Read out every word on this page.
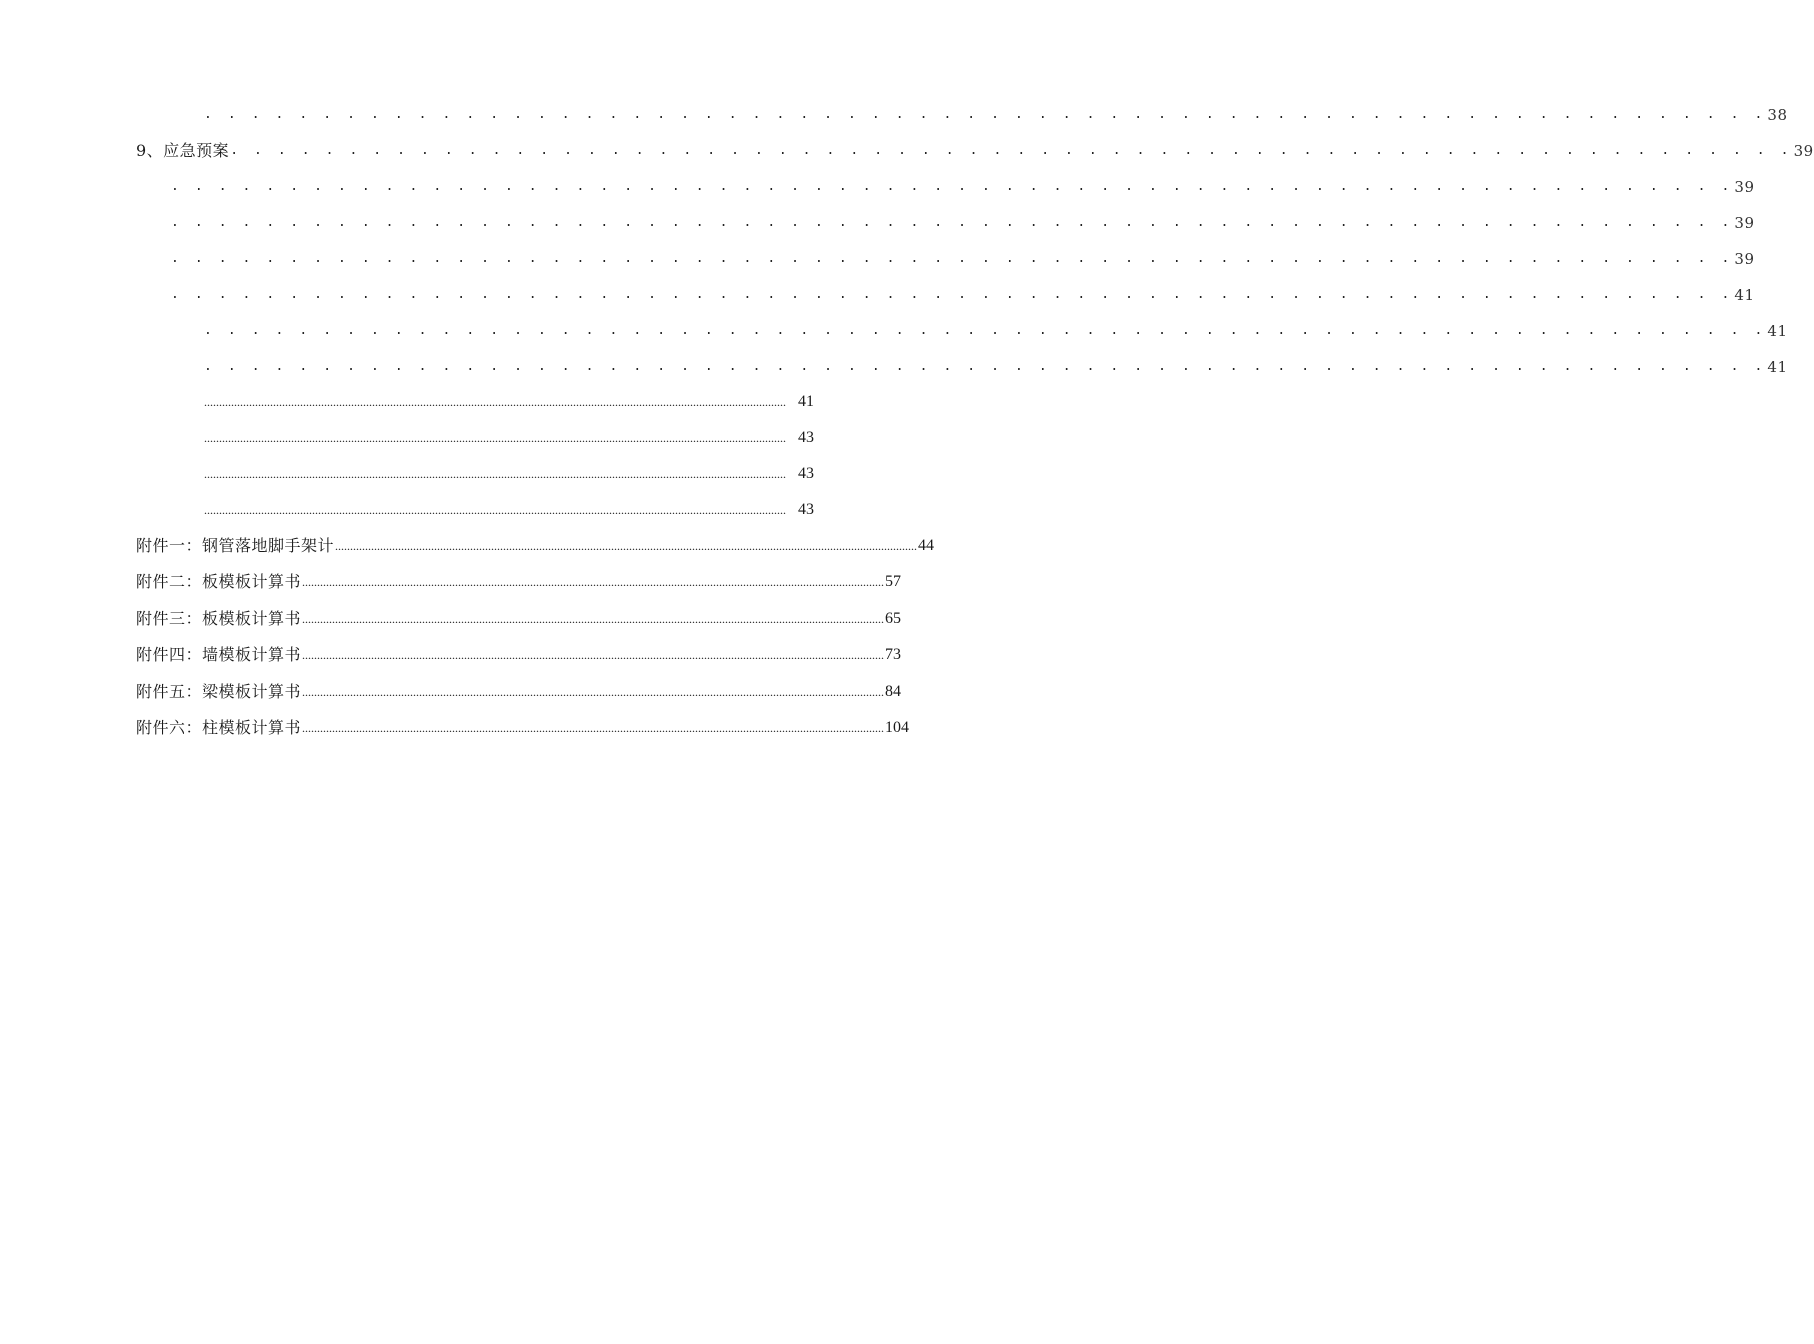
. . . . . . . . . . . . . . . . . . . . . . . . . . . . . . . . . . . . . . . . . . . . . . . . . . . . . . . . . . . . . . . . . . 38
9、应急预案 . . . . . . . . . . . . . . . . . . . . . . . . . . . . . . . . . . . . . . . . . . . . . . . . . . . . . . . . . . . . . . . . . . 39
. . . . . . . . . . . . . . . . . . . . . . . . . . . . . . . . . . . . . . . . . . . . . . . . . . . . . . . . . . . . . . . . . . 39
. . . . . . . . . . . . . . . . . . . . . . . . . . . . . . . . . . . . . . . . . . . . . . . . . . . . . . . . . . . . . . . . . . 39
. . . . . . . . . . . . . . . . . . . . . . . . . . . . . . . . . . . . . . . . . . . . . . . . . . . . . . . . . . . . . . . . . . 39
. . . . . . . . . . . . . . . . . . . . . . . . . . . . . . . . . . . . . . . . . . . . . . . . . . . . . . . . . . . . . . . . . . 41
. . . . . . . . . . . . . . . . . . . . . . . . . . . . . . . . . . . . . . . . . . . . . . . . . . . . . . . . . . . . . . . . . . 41
. . . . . . . . . . . . . . . . . . . . . . . . . . . . . . . . . . . . . . . . . . . . . . . . . . . . . . . . . . . . . . . . . . 41
.................................................................................................................................................................................................. 41
.................................................................................................................................................................................................. 43
.................................................................................................................................................................................................. 43
.................................................................................................................................................................................................. 43
附件一：钢管落地脚手架计 .................................................................................................................................................................................................. 44
附件二：板模板计算书 .................................................................................................................................................................................................. 57
附件三：板模板计算书 .................................................................................................................................................................................................. 65
附件四：墙模板计算书 .................................................................................................................................................................................................. 73
附件五：梁模板计算书 .................................................................................................................................................................................................. 84
附件六：柱模板计算书 .................................................................................................................................................................................................. 104
